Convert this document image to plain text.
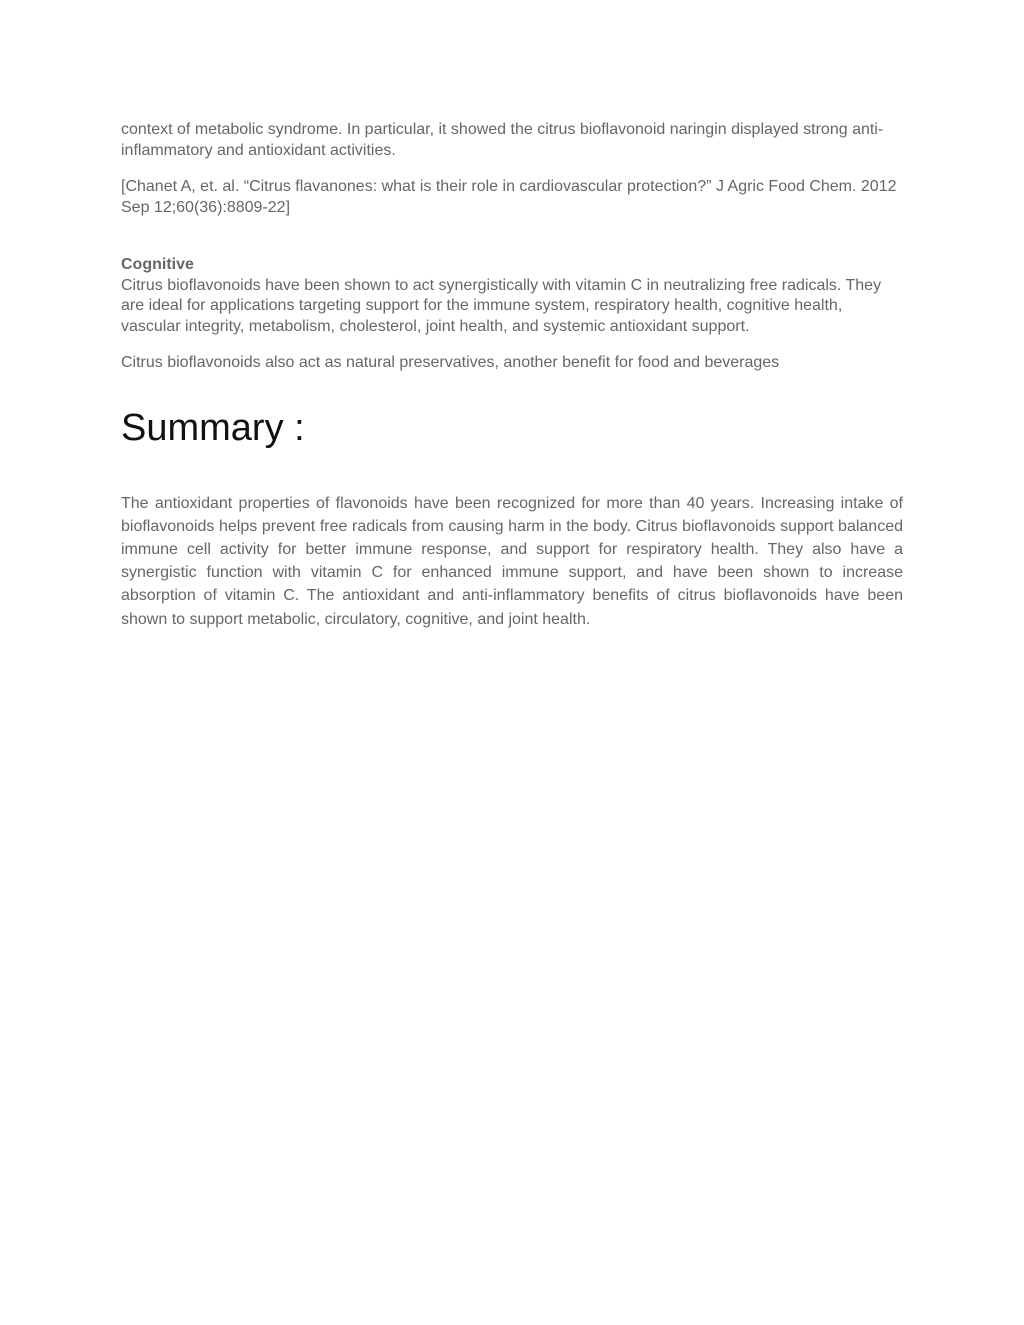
context of metabolic syndrome. In particular, it showed the citrus bioflavonoid naringin displayed strong anti-inflammatory and antioxidant activities.

[Chanet A, et. al. “Citrus flavanones: what is their role in cardiovascular protection?” J Agric Food Chem. 2012 Sep 12;60(36):8809-22]

Cognitive

Citrus bioflavonoids have been shown to act synergistically with vitamin C in neutralizing free radicals. They are ideal for applications targeting support for the immune system, respiratory health, cognitive health, vascular integrity, metabolism, cholesterol, joint health, and systemic antioxidant support.

Citrus bioflavonoids also act as natural preservatives, another benefit for food and beverages

Summary :

The antioxidant properties of flavonoids have been recognized for more than 40 years. Increasing intake of bioflavonoids helps prevent free radicals from causing harm in the body. Citrus bioflavonoids support balanced immune cell activity for better immune response, and support for respiratory health. They also have a synergistic function with vitamin C for enhanced immune support, and have been shown to increase absorption of vitamin C. The antioxidant and anti-inflammatory benefits of citrus bioflavonoids have been shown to support metabolic, circulatory, cognitive, and joint health.
